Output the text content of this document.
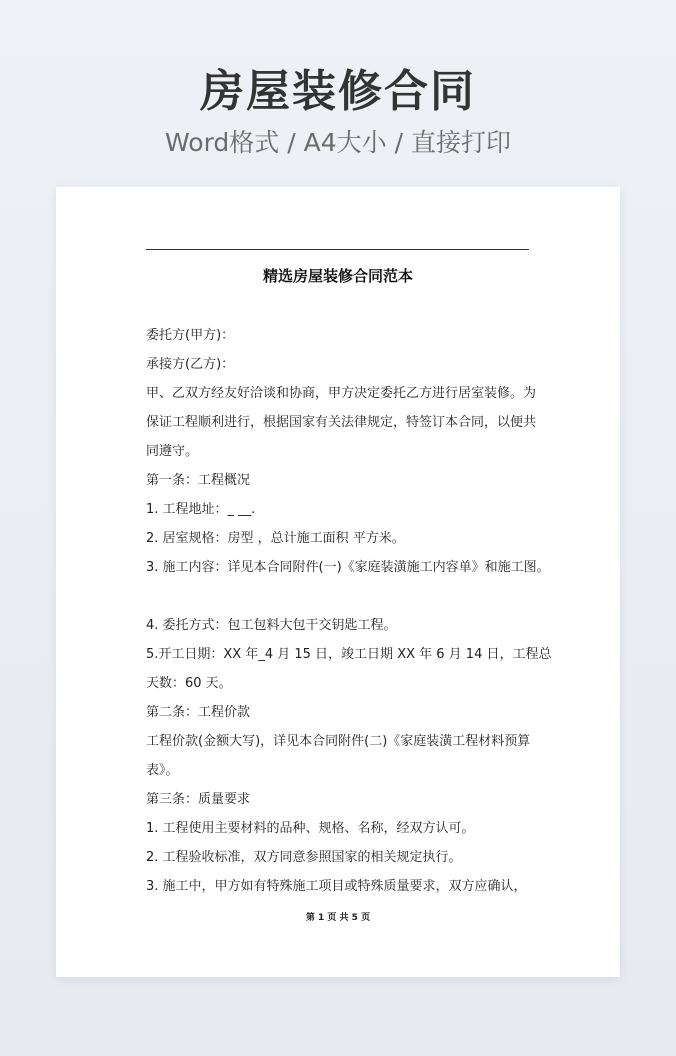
房屋装修合同
Word格式 / A4大小 / 直接打印
精选房屋装修合同范本
委托方(甲方)：
承接方(乙方)：
甲、乙双方经友好洽谈和协商，甲方决定委托乙方进行居室装修。为
保证工程顺利进行，根据国家有关法律规定，特签订本合同，以便共
同遵守。
第一条：工程概况
1. 工程地址：_ __.
2. 居室规格：房型 ，总计施工面积 平方米。
3. 施工内容：详见本合同附件(一)《家庭装潢施工内容单》和施工图。
4. 委托方式：包工包料大包干交钥匙工程。
5.开工日期：XX 年_4 月 15 日，竣工日期 XX 年 6 月 14 日，工程总
天数：60 天。
第二条：工程价款
工程价款(金额大写)，详见本合同附件(二)《家庭装潢工程材料预算
表》。
第三条：质量要求
1. 工程使用主要材料的品种、规格、名称，经双方认可。
2. 工程验收标准，双方同意参照国家的相关规定执行。
3. 施工中，甲方如有特殊施工项目或特殊质量要求，双方应确认，
第 1 页 共 5 页
